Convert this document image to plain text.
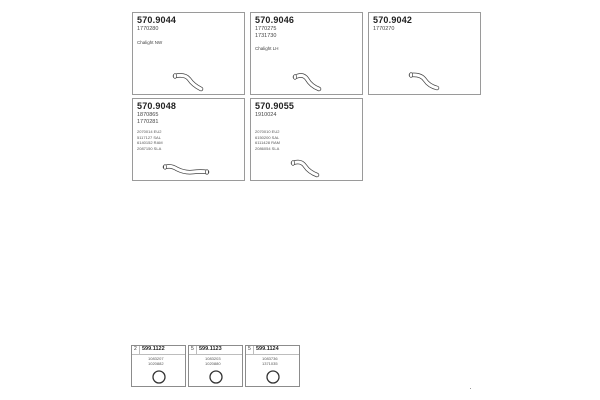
570.9044
1770280
Chalight NW
570.9046
1770275
1731730
Chalight LH
570.9042
1770270
570.9048
1870865
1770281
2070014 EU2
5117127 SAL
6140152 RAM
2087150 SLA
570.9055
1910024
2070010 EU2
6150200 SAL
6111428 RAM
2086054 SLA
2 599.1122
1083207
1020882
5 599.1123
1083203
1020880
5 599.1124
1083736
1371035
